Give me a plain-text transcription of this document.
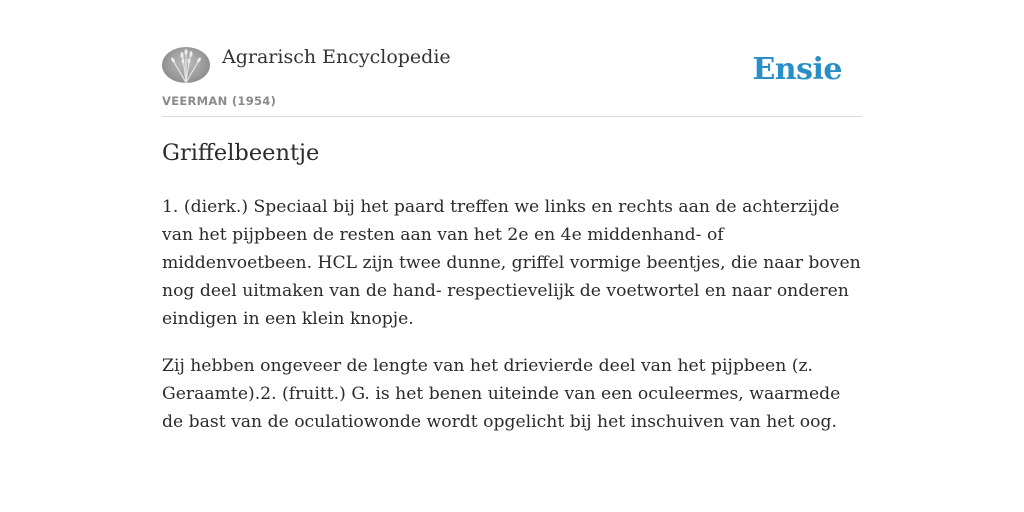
Agrarisch Encyclopedie
VEERMAN (1954)
Ensie
Griffelbeentje

1. (dierk.) Speciaal bij het paard treffen we links en rechts aan de achterzijde van het pijpbeen de resten aan van het 2e en 4e middenhand- of middenvoetbeen. HCL zijn twee dunne, griffel vormige beentjes, die naar boven nog deel uitmaken van de hand- respectievelijk de voetwortel en naar onderen eindigen in een klein knopje.

Zij hebben ongeveer de lengte van het drievierde deel van het pijpbeen (z. Geraamte).2. (fruitt.) G. is het benen uiteinde van een oculeermes, waarmede de bast van de oculatiowonde wordt opgelicht bij het inschuiven van het oog.
